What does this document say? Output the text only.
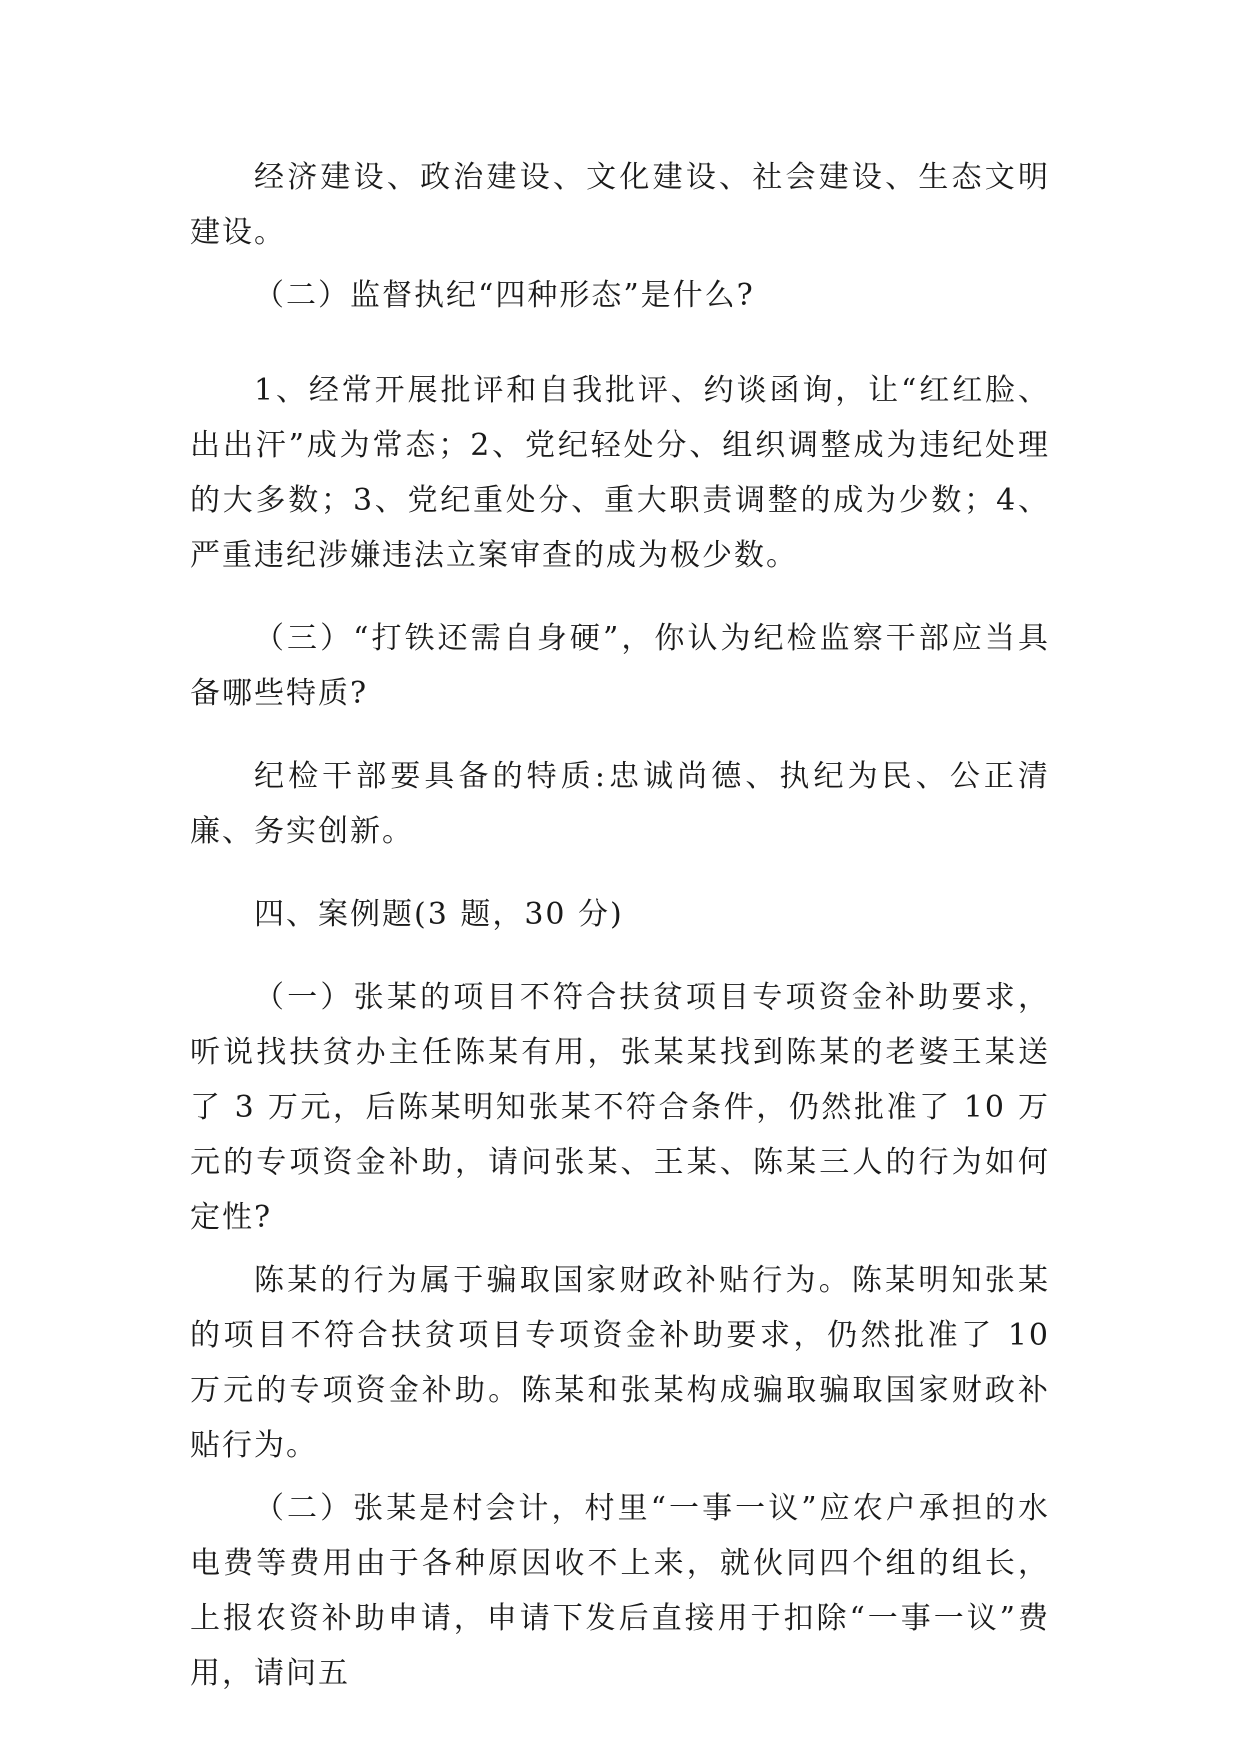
经济建设、政治建设、文化建设、社会建设、生态文明建设。

（二）监督执纪“四种形态”是什么?

1、经常开展批评和自我批评、约谈函询，让“红红脸、出出汗”成为常态；2、党纪轻处分、组织调整成为违纪处理的大多数；3、党纪重处分、重大职责调整的成为少数；4、严重违纪涉嫌违法立案审查的成为极少数。

（三）“打铁还需自身硬”，你认为纪检监察干部应当具备哪些特质?

纪检干部要具备的特质:忠诚尚德、执纪为民、公正清廉、务实创新。

四、案例题(3 题，30 分)

（一）张某的项目不符合扶贫项目专项资金补助要求，听说找扶贫办主任陈某有用，张某某找到陈某的老婆王某送了 3 万元，后陈某明知张某不符合条件，仍然批准了 10 万元的专项资金补助，请问张某、王某、陈某三人的行为如何定性?

陈某的行为属于骗取国家财政补贴行为。陈某明知张某的项目不符合扶贫项目专项资金补助要求，仍然批准了 10 万元的专项资金补助。陈某和张某构成骗取骗取国家财政补贴行为。

（二）张某是村会计，村里“一事一议”应农户承担的水电费等费用由于各种原因收不上来，就伙同四个组的组长，上报农资补助申请，申请下发后直接用于扣除“一事一议”费用，请问五
